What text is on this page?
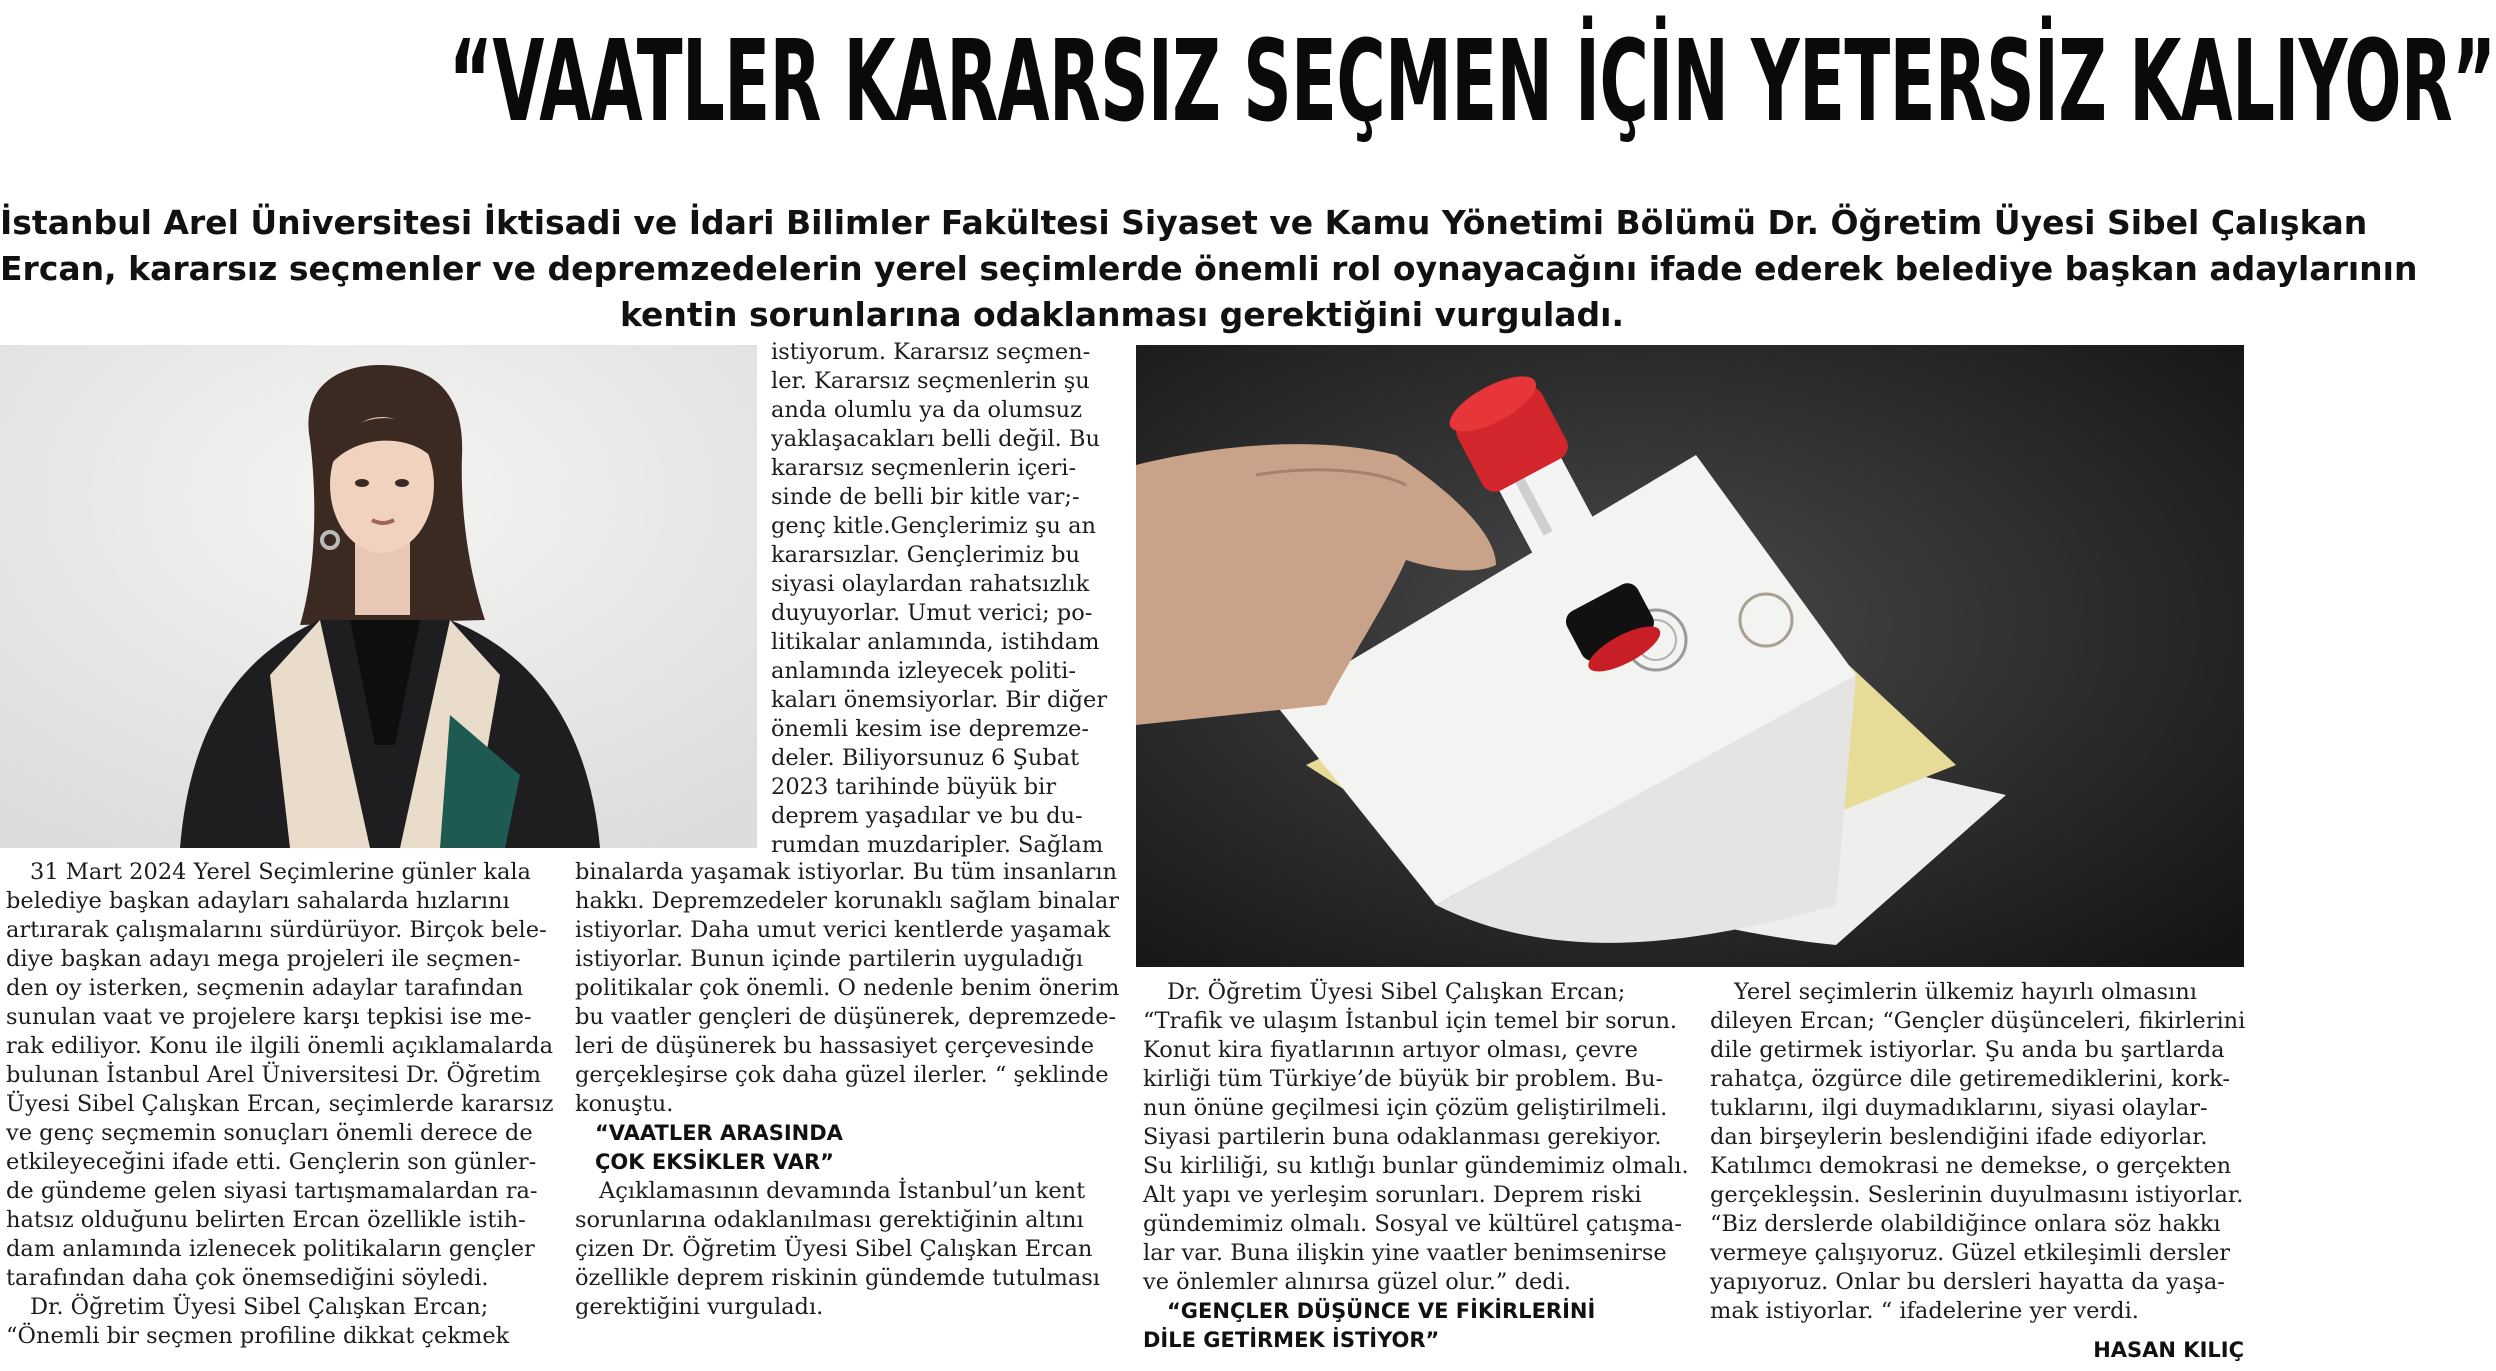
“VAATLER KARARSIZ SEÇMEN İÇİN YETERSİZ KALIYOR”
İstanbul Arel Üniversitesi İktisadi ve İdari Bilimler Fakültesi Siyaset ve Kamu Yönetimi Bölümü Dr. Öğretim Üyesi Sibel Çalışkan
Ercan, kararsız seçmenler ve depremzedelerin yerel seçimlerde önemli rol oynayacağını ifade ederek belediye başkan adaylarının
kentin sorunlarına odaklanması gerektiğini vurguladı.
istiyorum. Kararsız seçmen-
ler. Kararsız seçmenlerin şu
anda olumlu ya da olumsuz
yaklaşacakları belli değil. Bu
kararsız seçmenlerin içeri-
sinde de belli bir kitle var;-
genç kitle.Gençlerimiz şu an
kararsızlar. Gençlerimiz bu
siyasi olaylardan rahatsızlık
duyuyorlar. Umut verici; po-
litikalar anlamında, istihdam
anlamında izleyecek politi-
kaları önemsiyorlar. Bir diğer
önemli kesim ise depremze-
deler. Biliyorsunuz 6 Şubat
2023 tarihinde büyük bir
deprem yaşadılar ve bu du-
rumdan muzdaripler. Sağlam
31 Mart 2024 Yerel Seçimlerine günler kala
belediye başkan adayları sahalarda hızlarını
artırarak çalışmalarını sürdürüyor. Birçok bele-
diye başkan adayı mega projeleri ile seçmen-
den oy isterken, seçmenin adaylar tarafından
sunulan vaat ve projelere karşı tepkisi ise me-
rak ediliyor. Konu ile ilgili önemli açıklamalarda
bulunan İstanbul Arel Üniversitesi Dr. Öğretim
Üyesi Sibel Çalışkan Ercan, seçimlerde kararsız
ve genç seçmemin sonuçları önemli derece de
etkileyeceğini ifade etti. Gençlerin son günler-
de gündeme gelen siyasi tartışmamalardan ra-
hatsız olduğunu belirten Ercan özellikle istih-
dam anlamında izlenecek politikaların gençler
tarafından daha çok önemsediğini söyledi.
Dr. Öğretim Üyesi Sibel Çalışkan Ercan;
“Önemli bir seçmen profiline dikkat çekmek
binalarda yaşamak istiyorlar. Bu tüm insanların
hakkı. Depremzedeler korunaklı sağlam binalar
istiyorlar. Daha umut verici kentlerde yaşamak
istiyorlar. Bunun içinde partilerin uyguladığı
politikalar çok önemli. O nedenle benim önerim
bu vaatler gençleri de düşünerek, depremzede-
leri de düşünerek bu hassasiyet çerçevesinde
gerçekleşirse çok daha güzel ilerler. “ şeklinde
konuştu.
“VAATLER ARASINDA
ÇOK EKSİKLER VAR”
Açıklamasının devamında İstanbul’un kent
sorunlarına odaklanılması gerektiğinin altını
çizen Dr. Öğretim Üyesi Sibel Çalışkan Ercan
özellikle deprem riskinin gündemde tutulması
gerektiğini vurguladı.
Dr. Öğretim Üyesi Sibel Çalışkan Ercan;
“Trafik ve ulaşım İstanbul için temel bir sorun.
Konut kira fiyatlarının artıyor olması, çevre
kirliği tüm Türkiye’de büyük bir problem. Bu-
nun önüne geçilmesi için çözüm geliştirilmeli.
Siyasi partilerin buna odaklanması gerekiyor.
Su kirliliği, su kıtlığı bunlar gündemimiz olmalı.
Alt yapı ve yerleşim sorunları. Deprem riski
gündemimiz olmalı. Sosyal ve kültürel çatışma-
lar var. Buna ilişkin yine vaatler benimsenirse
ve önlemler alınırsa güzel olur.” dedi.
“GENÇLER DÜŞÜNCE VE FİKİRLERİNİ
DİLE GETİRMEK İSTİYOR”
Yerel seçimlerin ülkemiz hayırlı olmasını
dileyen Ercan; “Gençler düşünceleri, fikirlerini
dile getirmek istiyorlar. Şu anda bu şartlarda
rahatça, özgürce dile getiremediklerini, kork-
tuklarını, ilgi duymadıklarını, siyasi olaylar-
dan birşeylerin beslendiğini ifade ediyorlar.
Katılımcı demokrasi ne demekse, o gerçekten
gerçekleşsin. Seslerinin duyulmasını istiyorlar.
“Biz derslerde olabildiğince onlara söz hakkı
vermeye çalışıyoruz. Güzel etkileşimli dersler
yapıyoruz. Onlar bu dersleri hayatta da yaşa-
mak istiyorlar. “ ifadelerine yer verdi.
HASAN KILIÇ
